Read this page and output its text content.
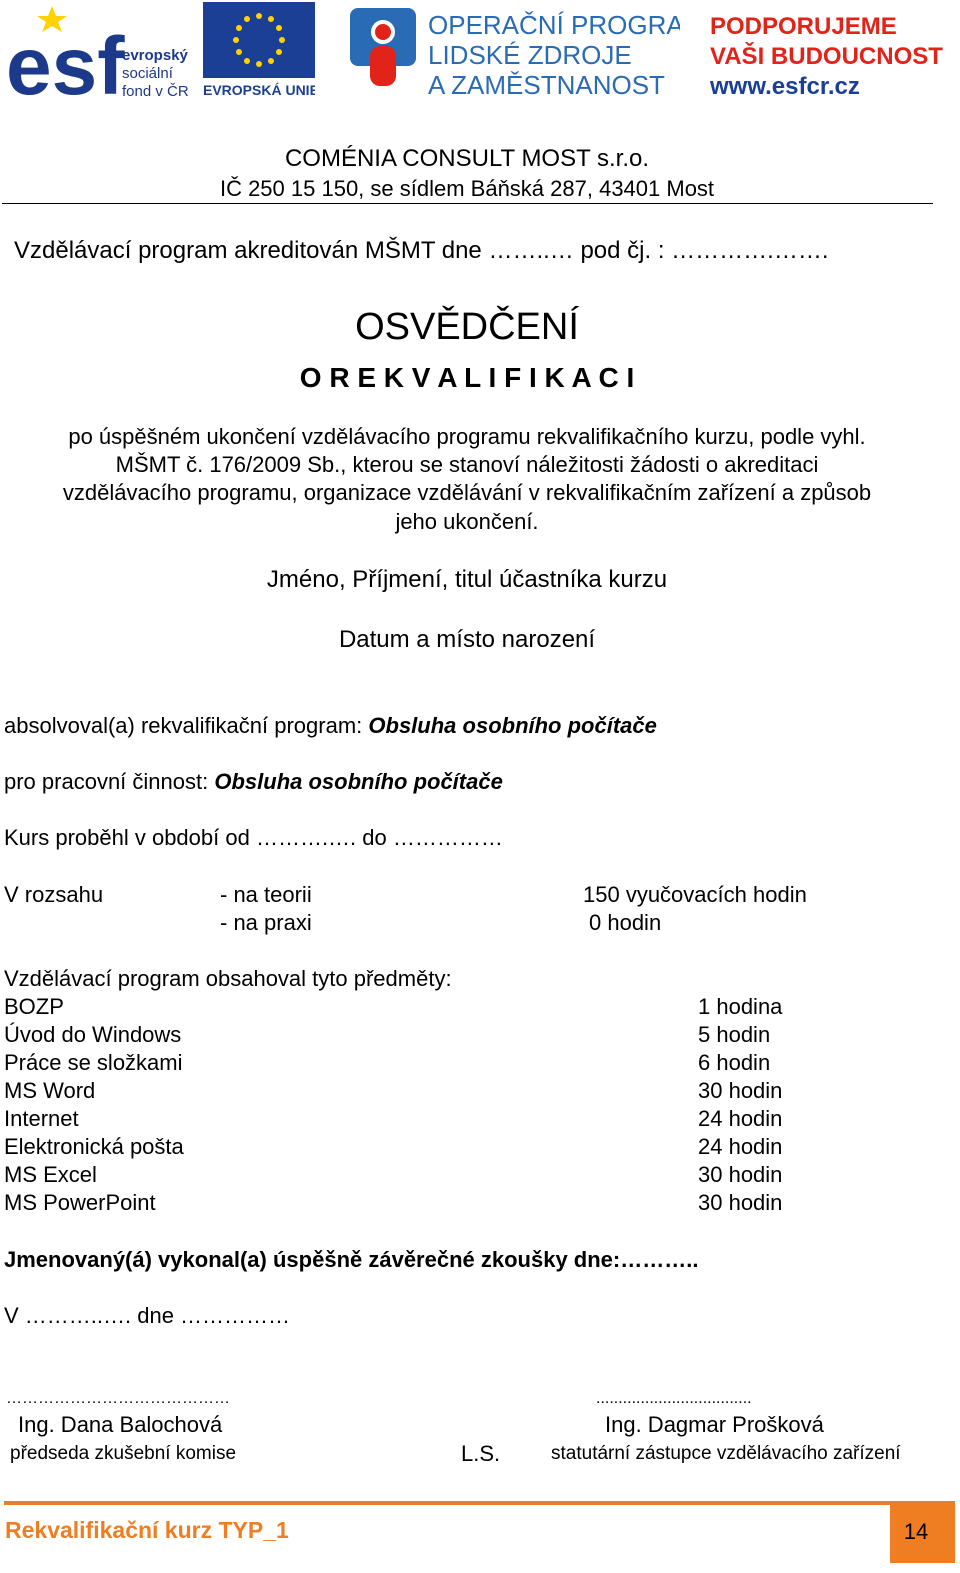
esf
evropský
sociální
fond v ČR EVROPSKÁ UNIE
OPERAČNÍ PROGRAM
LIDSKÉ ZDROJE
A ZAMĚSTNANOST
PODPORUJEME
VAŠI BUDOUCNOST
www.esfcr.cz
COMÉNIA CONSULT MOST s.r.o.
IČ 250 15 150, se sídlem Báňská 287, 43401 Most
Vzdělávací program akreditován MŠMT dne ……..… pod čj. : ………….…….
OSVĚDČENÍ
O R E K V A L I F I K A C I
po úspěšném ukončení vzdělávacího programu rekvalifikačního kurzu, podle vyhl.
MŠMT č. 176/2009 Sb., kterou se stanoví náležitosti žádosti o akreditaci
vzdělávacího programu, organizace vzdělávání v rekvalifikačním zařízení a způsob
jeho ukončení.
Jméno, Příjmení, titul účastníka kurzu
Datum a místo narození
absolvoval(a) rekvalifikační program: Obsluha osobního počítače
pro pracovní činnost: Obsluha osobního počítače
Kurs proběhl v období od ……….…. do ……………
V rozsahu	- na teorii	150 vyučovacích hodin
- na praxi	0 hodin
Vzdělávací program obsahoval tyto předměty:
BOZP	1 hodina
Úvod do Windows	5 hodin
Práce se složkami	6 hodin
MS Word	30 hodin
Internet	24 hodin
Elektronická pošta	24 hodin
MS Excel	30 hodin
MS PowerPoint	30 hodin
Jmenovaný(á) vykonal(a) úspěšně závěrečné zkoušky dne:………..
V ………..…. dne ……………
……………………………………
Ing. Dana Balochová
předseda zkušební komise	L.S.
...................................
Ing. Dagmar Prošková
statutární zástupce vzdělávacího zařízení
Rekvalifikační kurz TYP_1	14
